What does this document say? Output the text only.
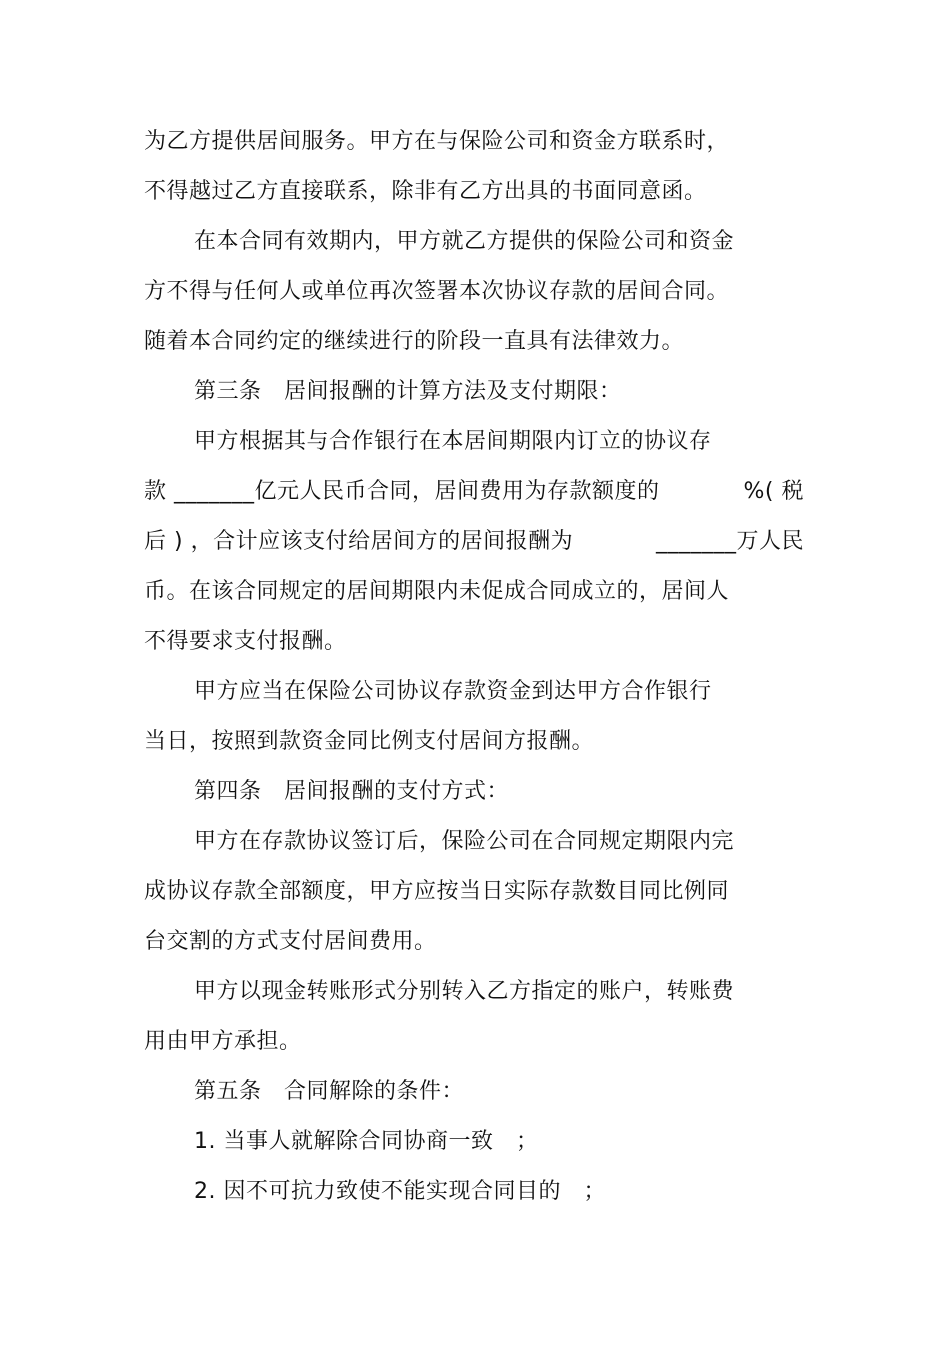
为乙方提供居间服务。甲方在与保险公司和资金方联系时，
不得越过乙方直接联系，除非有乙方出具的书面同意函。
在本合同有效期内，甲方就乙方提供的保险公司和资金
方不得与任何人或单位再次签署本次协议存款的居间合同。
随着本合同约定的继续进行的阶段一直具有法律效力。
第三条　居间报酬的计算方法及支付期限：
甲方根据其与合作银行在本居间期限内订立的协议存
款 _______亿元人民币合同，居间费用为存款额度的	%( 税
后 ) ，合计应该支付给居间方的居间报酬为	_______万人民
币。在该合同规定的居间期限内未促成合同成立的，居间人
不得要求支付报酬。
甲方应当在保险公司协议存款资金到达甲方合作银行
当日，按照到款资金同比例支付居间方报酬。
第四条　居间报酬的支付方式：
甲方在存款协议签订后，保险公司在合同规定期限内完
成协议存款全部额度，甲方应按当日实际存款数目同比例同
台交割的方式支付居间费用。
甲方以现金转账形式分别转入乙方指定的账户，转账费
用由甲方承担。
第五条　合同解除的条件：
1. 当事人就解除合同协商一致　；
2. 因不可抗力致使不能实现合同目的　；
